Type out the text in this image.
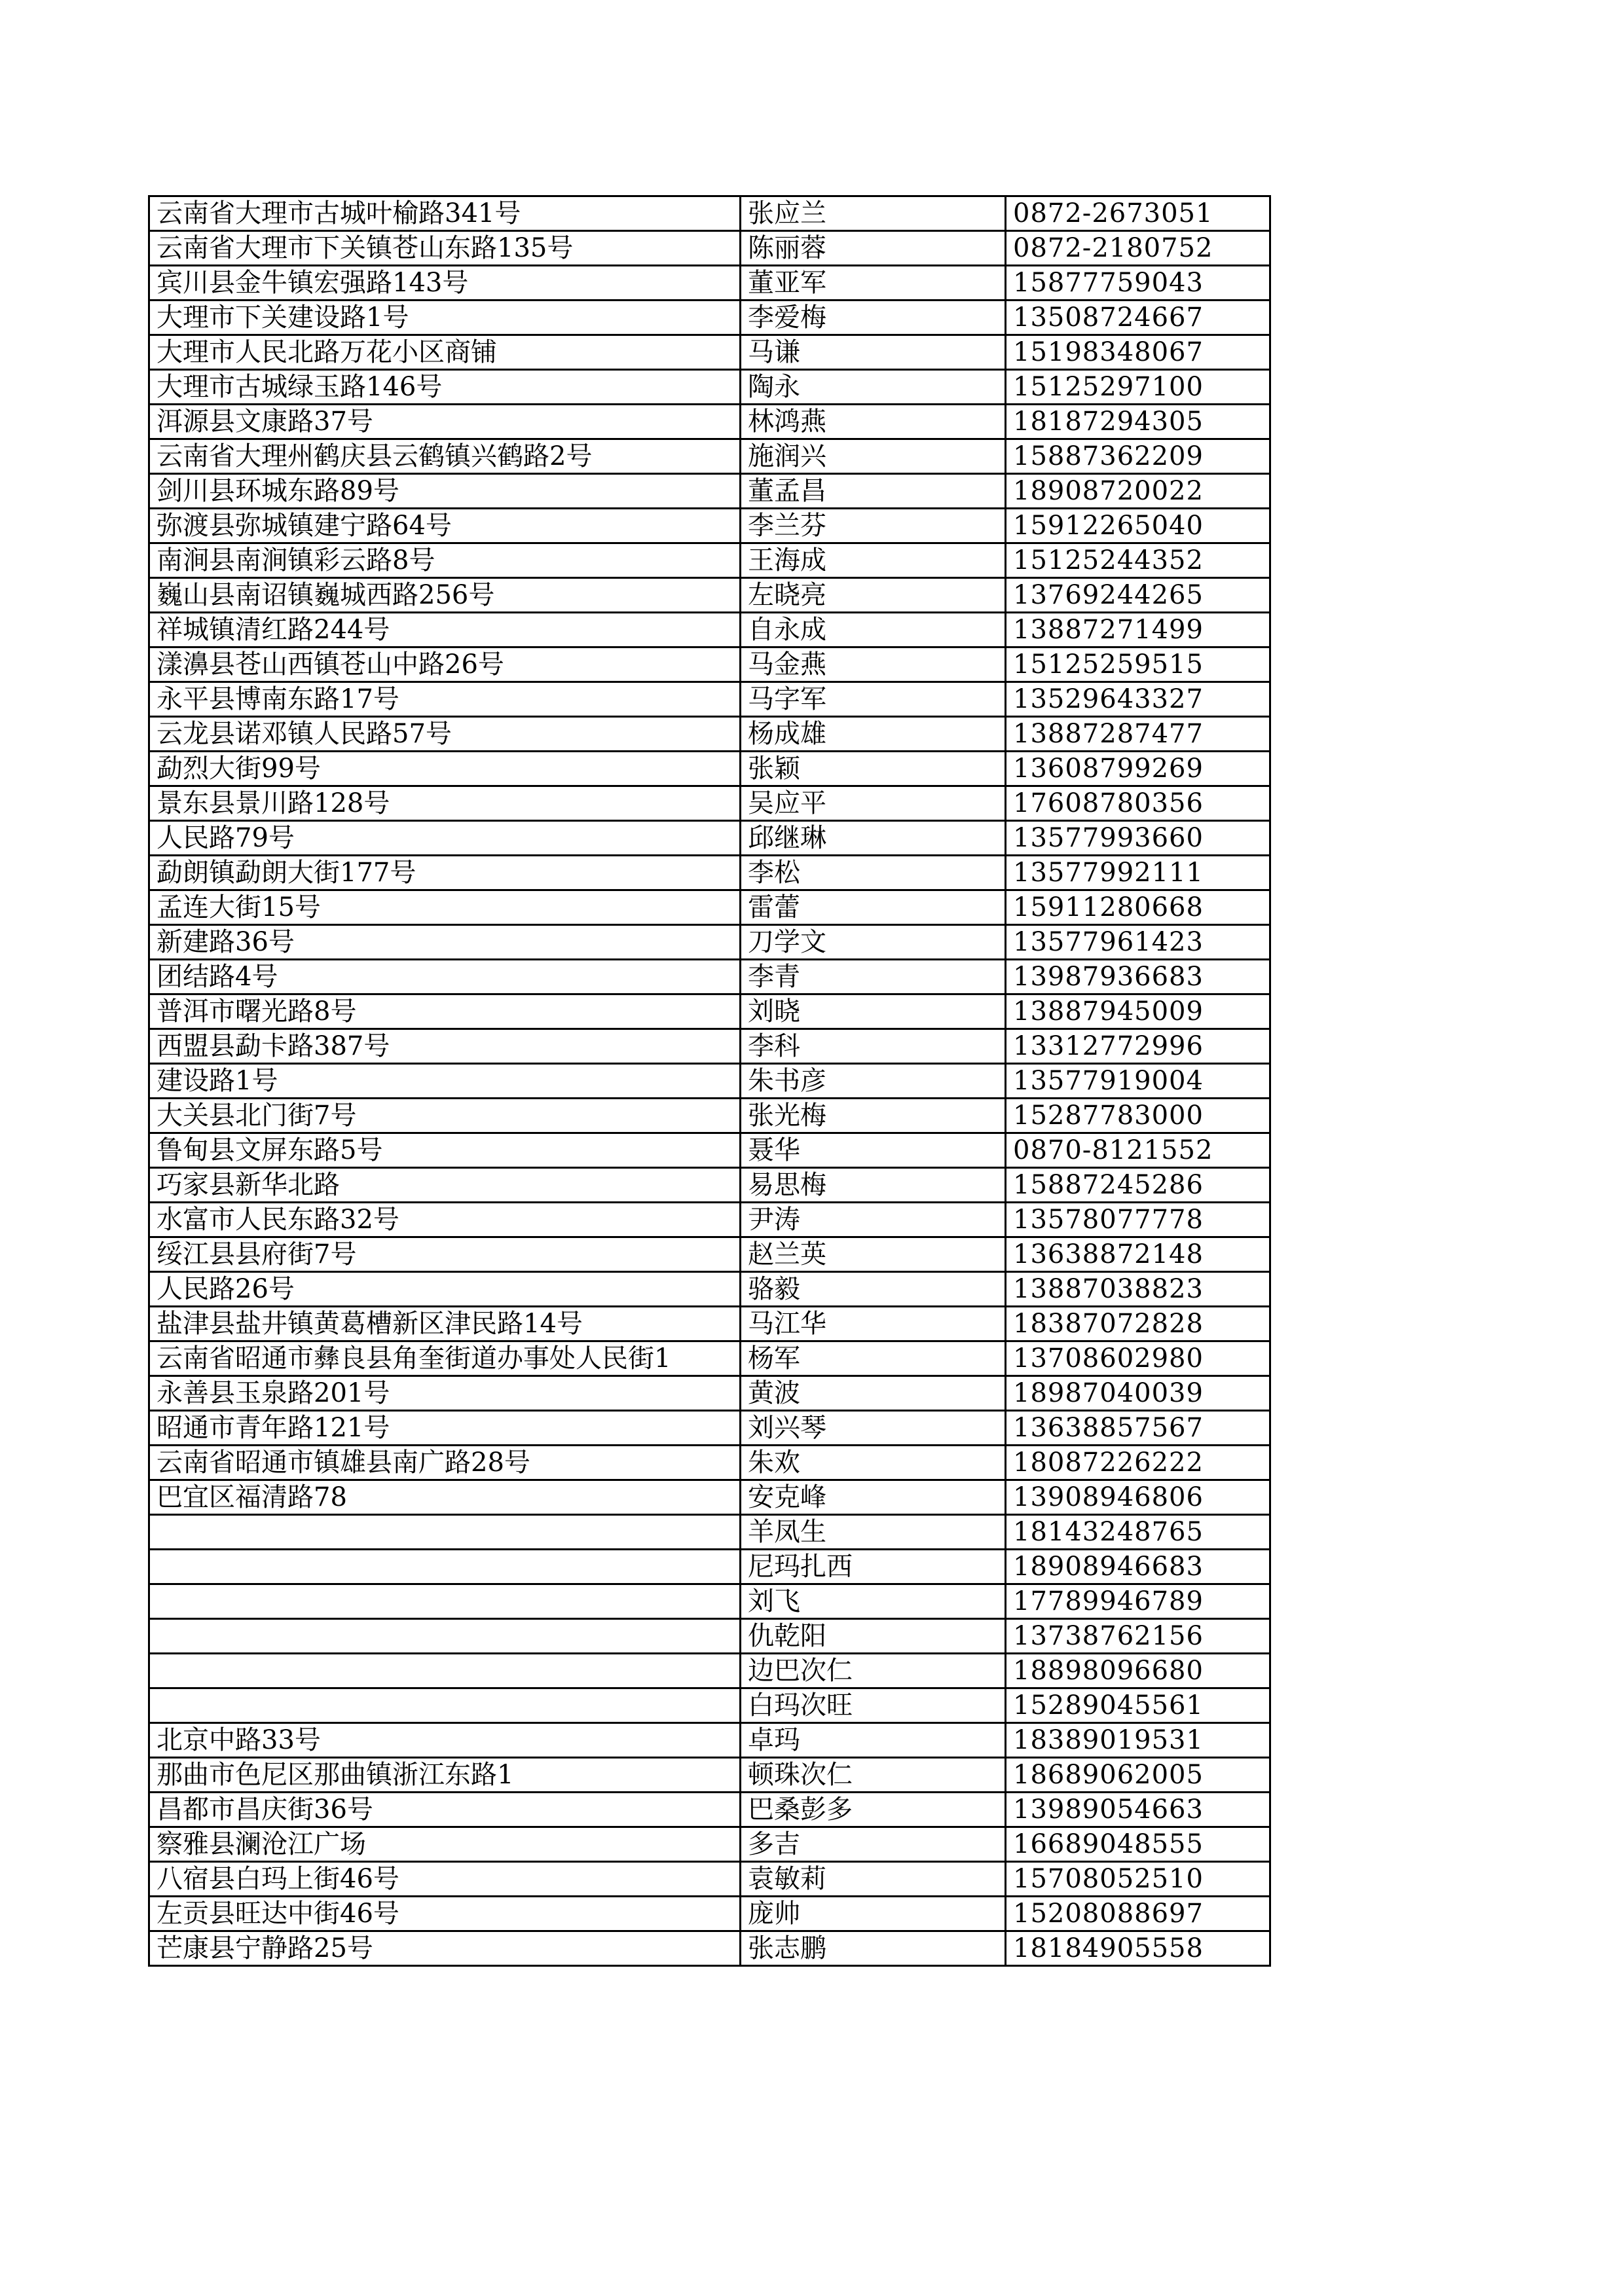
云南省大理市古城叶榆路341号	张应兰	0872-2673051
云南省大理市下关镇苍山东路135号	陈丽蓉	0872-2180752
宾川县金牛镇宏强路143号	董亚军	15877759043
大理市下关建设路1号	李爱梅	13508724667
大理市人民北路万花小区商铺	马谦	15198348067
大理市古城绿玉路146号	陶永	15125297100
洱源县文康路37号	林鸿燕	18187294305
云南省大理州鹤庆县云鹤镇兴鹤路2号	施润兴	15887362209
剑川县环城东路89号	董孟昌	18908720022
弥渡县弥城镇建宁路64号	李兰芬	15912265040
南涧县南涧镇彩云路8号	王海成	15125244352
巍山县南诏镇巍城西路256号	左晓亮	13769244265
祥城镇清红路244号	自永成	13887271499
漾濞县苍山西镇苍山中路26号	马金燕	15125259515
永平县博南东路17号	马字军	13529643327
云龙县诺邓镇人民路57号	杨成雄	13887287477
勐烈大街99号	张颖	13608799269
景东县景川路128号	吴应平	17608780356
人民路79号	邱继琳	13577993660
勐朗镇勐朗大街177号	李松	13577992111
孟连大街15号	雷蕾	15911280668
新建路36号	刀学文	13577961423
团结路4号	李青	13987936683
普洱市曙光路8号	刘晓	13887945009
西盟县勐卡路387号	李科	13312772996
建设路1号	朱书彦	13577919004
大关县北门街7号	张光梅	15287783000
鲁甸县文屏东路5号	聂华	0870-8121552
巧家县新华北路	易思梅	15887245286
水富市人民东路32号	尹涛	13578077778
绥江县县府街7号	赵兰英	13638872148
人民路26号	骆毅	13887038823
盐津县盐井镇黄葛槽新区津民路14号	马江华	18387072828
云南省昭通市彝良县角奎街道办事处人民街1	杨军	13708602980
永善县玉泉路201号	黄波	18987040039
昭通市青年路121号	刘兴琴	13638857567
云南省昭通市镇雄县南广路28号	朱欢	18087226222
巴宜区福清路78	安克峰	13908946806
	羊凤生	18143248765
	尼玛扎西	18908946683
	刘飞	17789946789
	仇乾阳	13738762156
	边巴次仁	18898096680
	白玛次旺	15289045561
北京中路33号	卓玛	18389019531
那曲市色尼区那曲镇浙江东路1	顿珠次仁	18689062005
昌都市昌庆街36号	巴桑彭多	13989054663
察雅县澜沧江广场	多吉	16689048555
八宿县白玛上街46号	袁敏莉	15708052510
左贡县旺达中街46号	庞帅	15208088697
芒康县宁静路25号	张志鹏	18184905558
